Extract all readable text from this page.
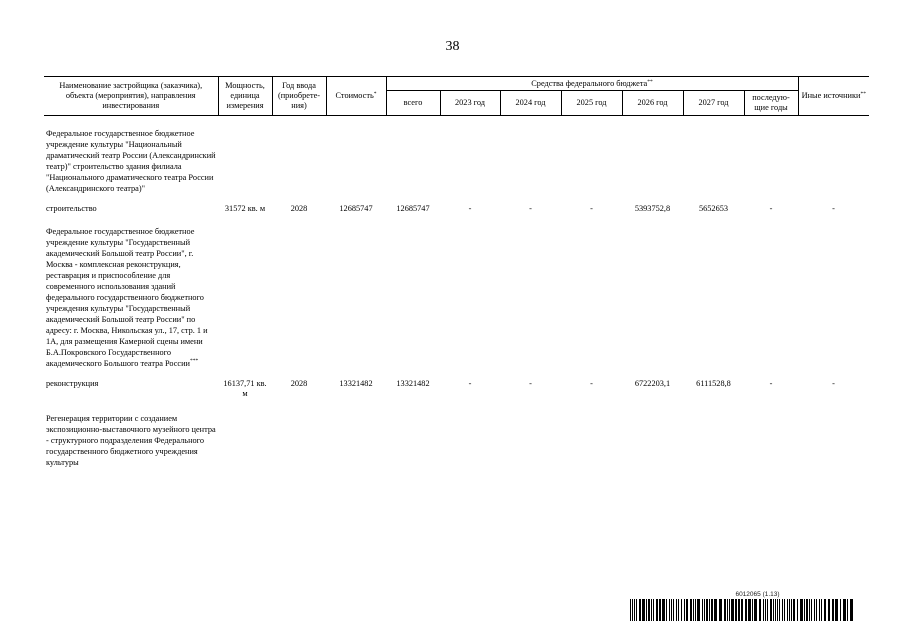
38
Наименование застройщика (заказчика), объекта (мероприятия), направления инвестирования	Мощность, единица измерения	Год ввода (приобрете-ния)	Стоимость*	Средства федерального бюджета**							Иные источники**
				всего	2023 год	2024 год	2025 год	2026 год	2027 год	последую-щие годы	

Федеральное государственное бюджетное учреждение культуры "Национальный драматический театр России (Александринский театр)" строительство здания филиала "Национального драматического театра России (Александринского театра)"											

строительство	31572 кв. м	2028	12685747	12685747	-	-	-	5393752,8	5652653	-	-

Федеральное государственное бюджетное учреждение культуры "Государственный академический Большой театр России", г. Москва - комплексная реконструкция, реставрация и приспособление для современного использования зданий федерального государственного бюджетного учреждения культуры "Государственный академический Большой театр России" по адресу: г. Москва, Никольская ул., 17, стр. 1 и 1А, для размещения Камерной сцены имени Б.А.Покровского Государственного академического Большого театра России***	

реконструкция	16137,71 кв. м	2028	13321482	13321482	-	-	-	6722203,1	6111528,8	-	-

Регенерация территории с созданием экспозиционно-выставочного музейного центра - структурного подразделения Федерального государственного бюджетного учреждения культуры											
6012065 (1.13)
